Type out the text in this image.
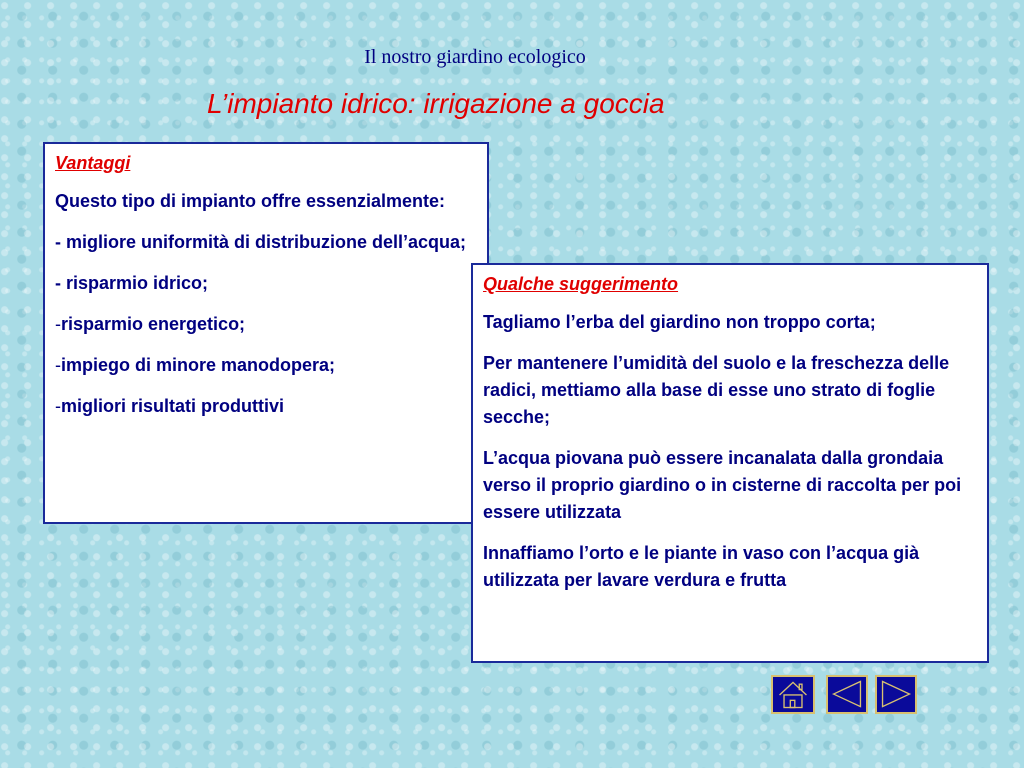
Il nostro giardino ecologico
L’impianto idrico: irrigazione a goccia

Vantaggi

Questo tipo di impianto offre essenzialmente:

- migliore uniformità di distribuzione dell’acqua;

- risparmio idrico;

-risparmio energetico;

-impiego di minore manodopera;

-migliori risultati produttivi

Qualche suggerimento

Tagliamo l’erba del giardino non troppo corta;

Per mantenere l’umidità del suolo e la freschezza delle radici, mettiamo alla base di esse uno strato di foglie secche;

L’acqua piovana può essere incanalata dalla grondaia verso il proprio giardino o in cisterne di raccolta per poi essere utilizzata

Innaffiamo l’orto e le piante in vaso con l’acqua già utilizzata per lavare verdura e frutta
